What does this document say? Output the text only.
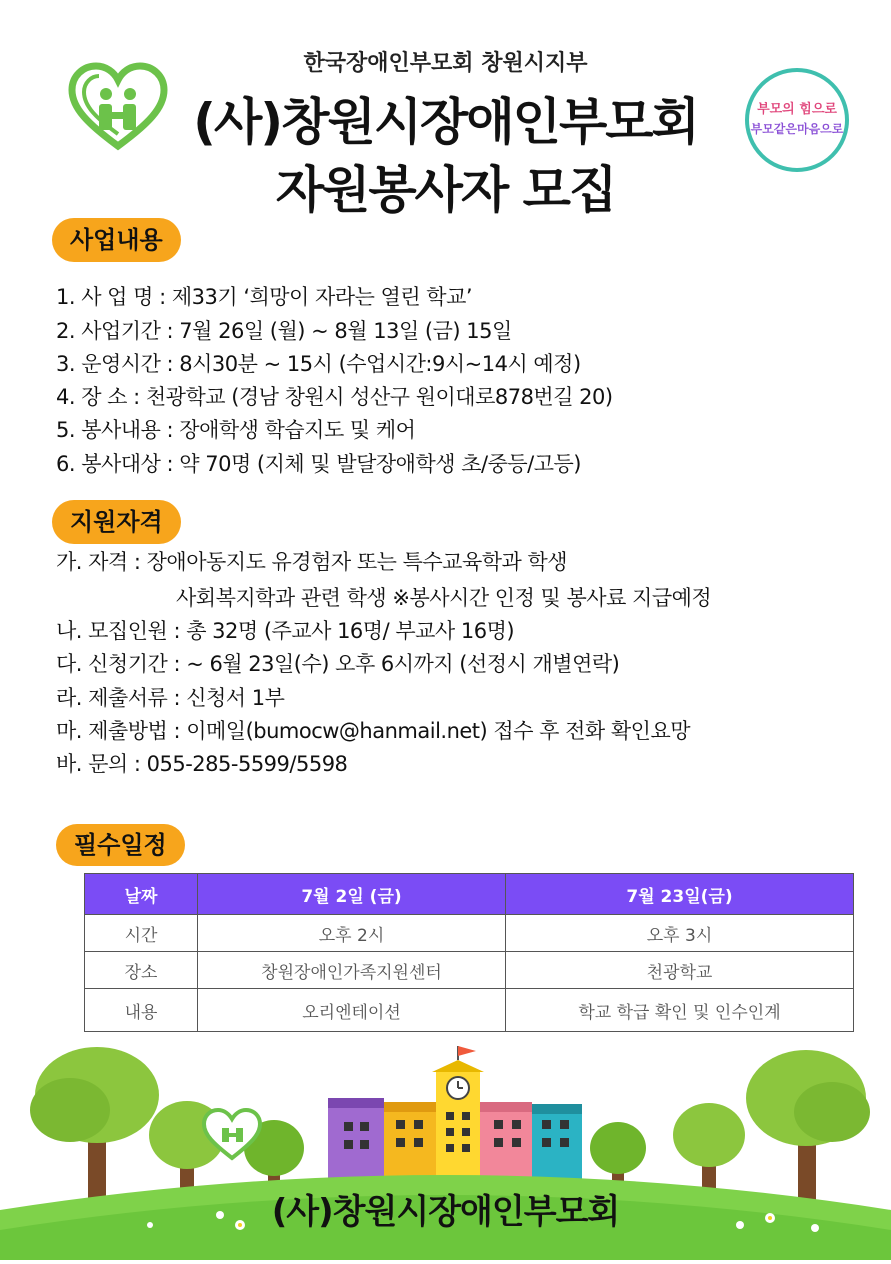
한국장애인부모회 창원시지부
(사)창원시장애인부모회
자원봉사자 모집
부모의 힘으로
부모같은마음으로
사업내용
1. 사 업 명 : 제33기 ‘희망이 자라는 열린 학교’
2. 사업기간 : 7월 26일 (월) ~ 8월 13일 (금) 15일
3. 운영시간 : 8시30분 ~ 15시 (수업시간:9시~14시 예정)
4. 장 소 : 천광학교 (경남 창원시 성산구 원이대로878번길 20)
5. 봉사내용 : 장애학생 학습지도 및 케어
6. 봉사대상 : 약 70명 (지체 및 발달장애학생 초/중등/고등)
지원자격
가. 자격 : 장애아동지도 유경험자 또는 특수교육학과 학생
사회복지학과 관련 학생 ※봉사시간 인정 및 봉사료 지급예정
나. 모집인원 : 총 32명 (주교사 16명/ 부교사 16명)
다. 신청기간 : ~ 6월 23일(수) 오후 6시까지 (선정시 개별연락)
라. 제출서류 : 신청서 1부
마. 제출방법 : 이메일(bumocw@hanmail.net) 접수 후 전화 확인요망
바. 문의 : 055-285-5599/5598
필수일정
날짜	7월 2일 (금)	7월 23일(금)
시간	오후 2시	오후 3시
장소	창원장애인가족지원센터	천광학교
내용	오리엔테이션	학교 학급 확인 및 인수인계
(사)창원시장애인부모회
